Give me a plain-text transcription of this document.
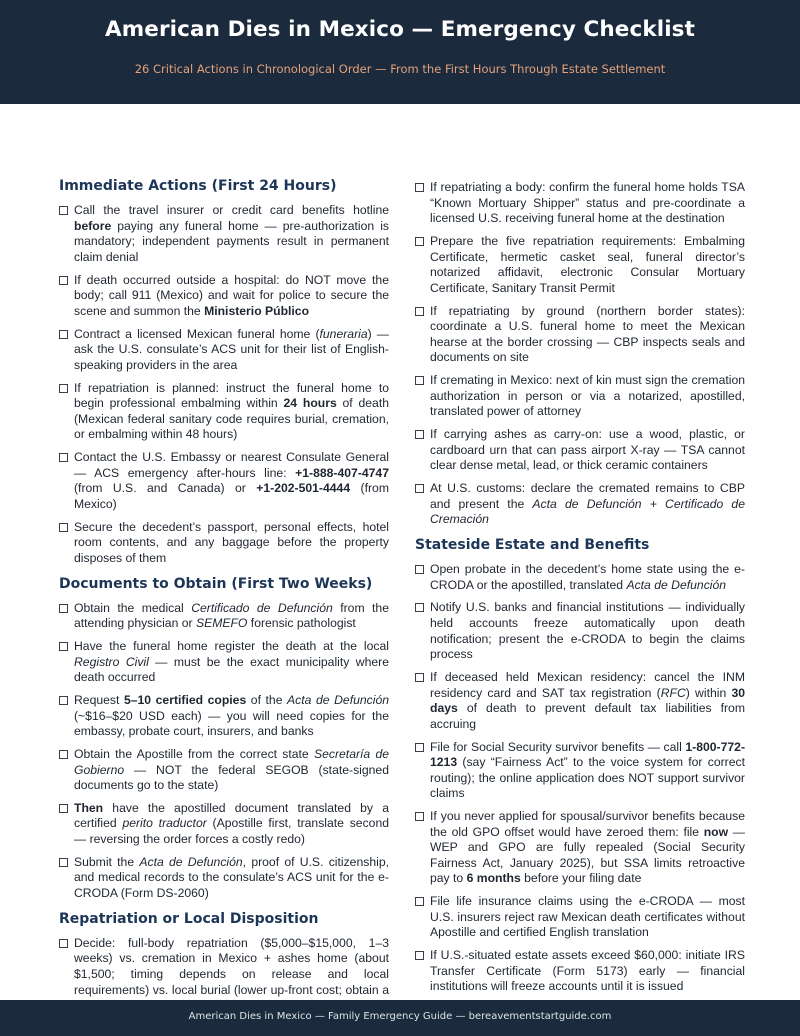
American Dies in Mexico — Emergency Checklist
26 Critical Actions in Chronological Order — From the First Hours Through Estate Settlement
Immediate Actions (First 24 Hours)
Call the travel insurer or credit card benefits hotline before paying any funeral home — pre-authorization is mandatory; independent payments result in permanent claim denial
If death occurred outside a hospital: do NOT move the body; call 911 (Mexico) and wait for police to secure the scene and summon the Ministerio Público
Contract a licensed Mexican funeral home (funeraria) — ask the U.S. consulate’s ACS unit for their list of English-speaking providers in the area
If repatriation is planned: instruct the funeral home to begin professional embalming within 24 hours of death (Mexican federal sanitary code requires burial, cremation, or embalming within 48 hours)
Contact the U.S. Embassy or nearest Consulate General — ACS emergency after-hours line: +1-888-407-4747 (from U.S. and Canada) or +1-202-501-4444 (from Mexico)
Secure the decedent’s passport, personal effects, hotel room contents, and any baggage before the property disposes of them
Documents to Obtain (First Two Weeks)
Obtain the medical Certificado de Defunción from the attending physician or SEMEFO forensic pathologist
Have the funeral home register the death at the local Registro Civil — must be the exact municipality where death occurred
Request 5–10 certified copies of the Acta de Defunción (~$16–$20 USD each) — you will need copies for the embassy, probate court, insurers, and banks
Obtain the Apostille from the correct state Secretaría de Gobierno — NOT the federal SEGOB (state-signed documents go to the state)
Then have the apostilled document translated by a certified perito traductor (Apostille first, translate second — reversing the order forces a costly redo)
Submit the Acta de Defunción, proof of U.S. citizenship, and medical records to the consulate’s ACS unit for the e-CRODA (Form DS-2060)
Repatriation or Local Disposition
Decide: full-body repatriation ($5,000–$15,000, 1–3 weeks) vs. cremation in Mexico + ashes home (about $1,500; timing depends on release and local requirements) vs. local burial (lower up-front cost; obtain a
If repatriating a body: confirm the funeral home holds TSA “Known Mortuary Shipper” status and pre-coordinate a licensed U.S. receiving funeral home at the destination
Prepare the five repatriation requirements: Embalming Certificate, hermetic casket seal, funeral director’s notarized affidavit, electronic Consular Mortuary Certificate, Sanitary Transit Permit
If repatriating by ground (northern border states): coordinate a U.S. funeral home to meet the Mexican hearse at the border crossing — CBP inspects seals and documents on site
If cremating in Mexico: next of kin must sign the cremation authorization in person or via a notarized, apostilled, translated power of attorney
If carrying ashes as carry-on: use a wood, plastic, or cardboard urn that can pass airport X-ray — TSA cannot clear dense metal, lead, or thick ceramic containers
At U.S. customs: declare the cremated remains to CBP and present the Acta de Defunción + Certificado de Cremación
Stateside Estate and Benefits
Open probate in the decedent’s home state using the e-CRODA or the apostilled, translated Acta de Defunción
Notify U.S. banks and financial institutions — individually held accounts freeze automatically upon death notification; present the e-CRODA to begin the claims process
If deceased held Mexican residency: cancel the INM residency card and SAT tax registration (RFC) within 30 days of death to prevent default tax liabilities from accruing
File for Social Security survivor benefits — call 1-800-772-1213 (say “Fairness Act” to the voice system for correct routing); the online application does NOT support survivor claims
If you never applied for spousal/survivor benefits because the old GPO offset would have zeroed them: file now — WEP and GPO are fully repealed (Social Security Fairness Act, January 2025), but SSA limits retroactive pay to 6 months before your filing date
File life insurance claims using the e-CRODA — most U.S. insurers reject raw Mexican death certificates without Apostille and certified English translation
If U.S.-situated estate assets exceed $60,000: initiate IRS Transfer Certificate (Form 5173) early — financial institutions will freeze accounts until it is issued
American Dies in Mexico — Family Emergency Guide — bereavementstartguide.com
